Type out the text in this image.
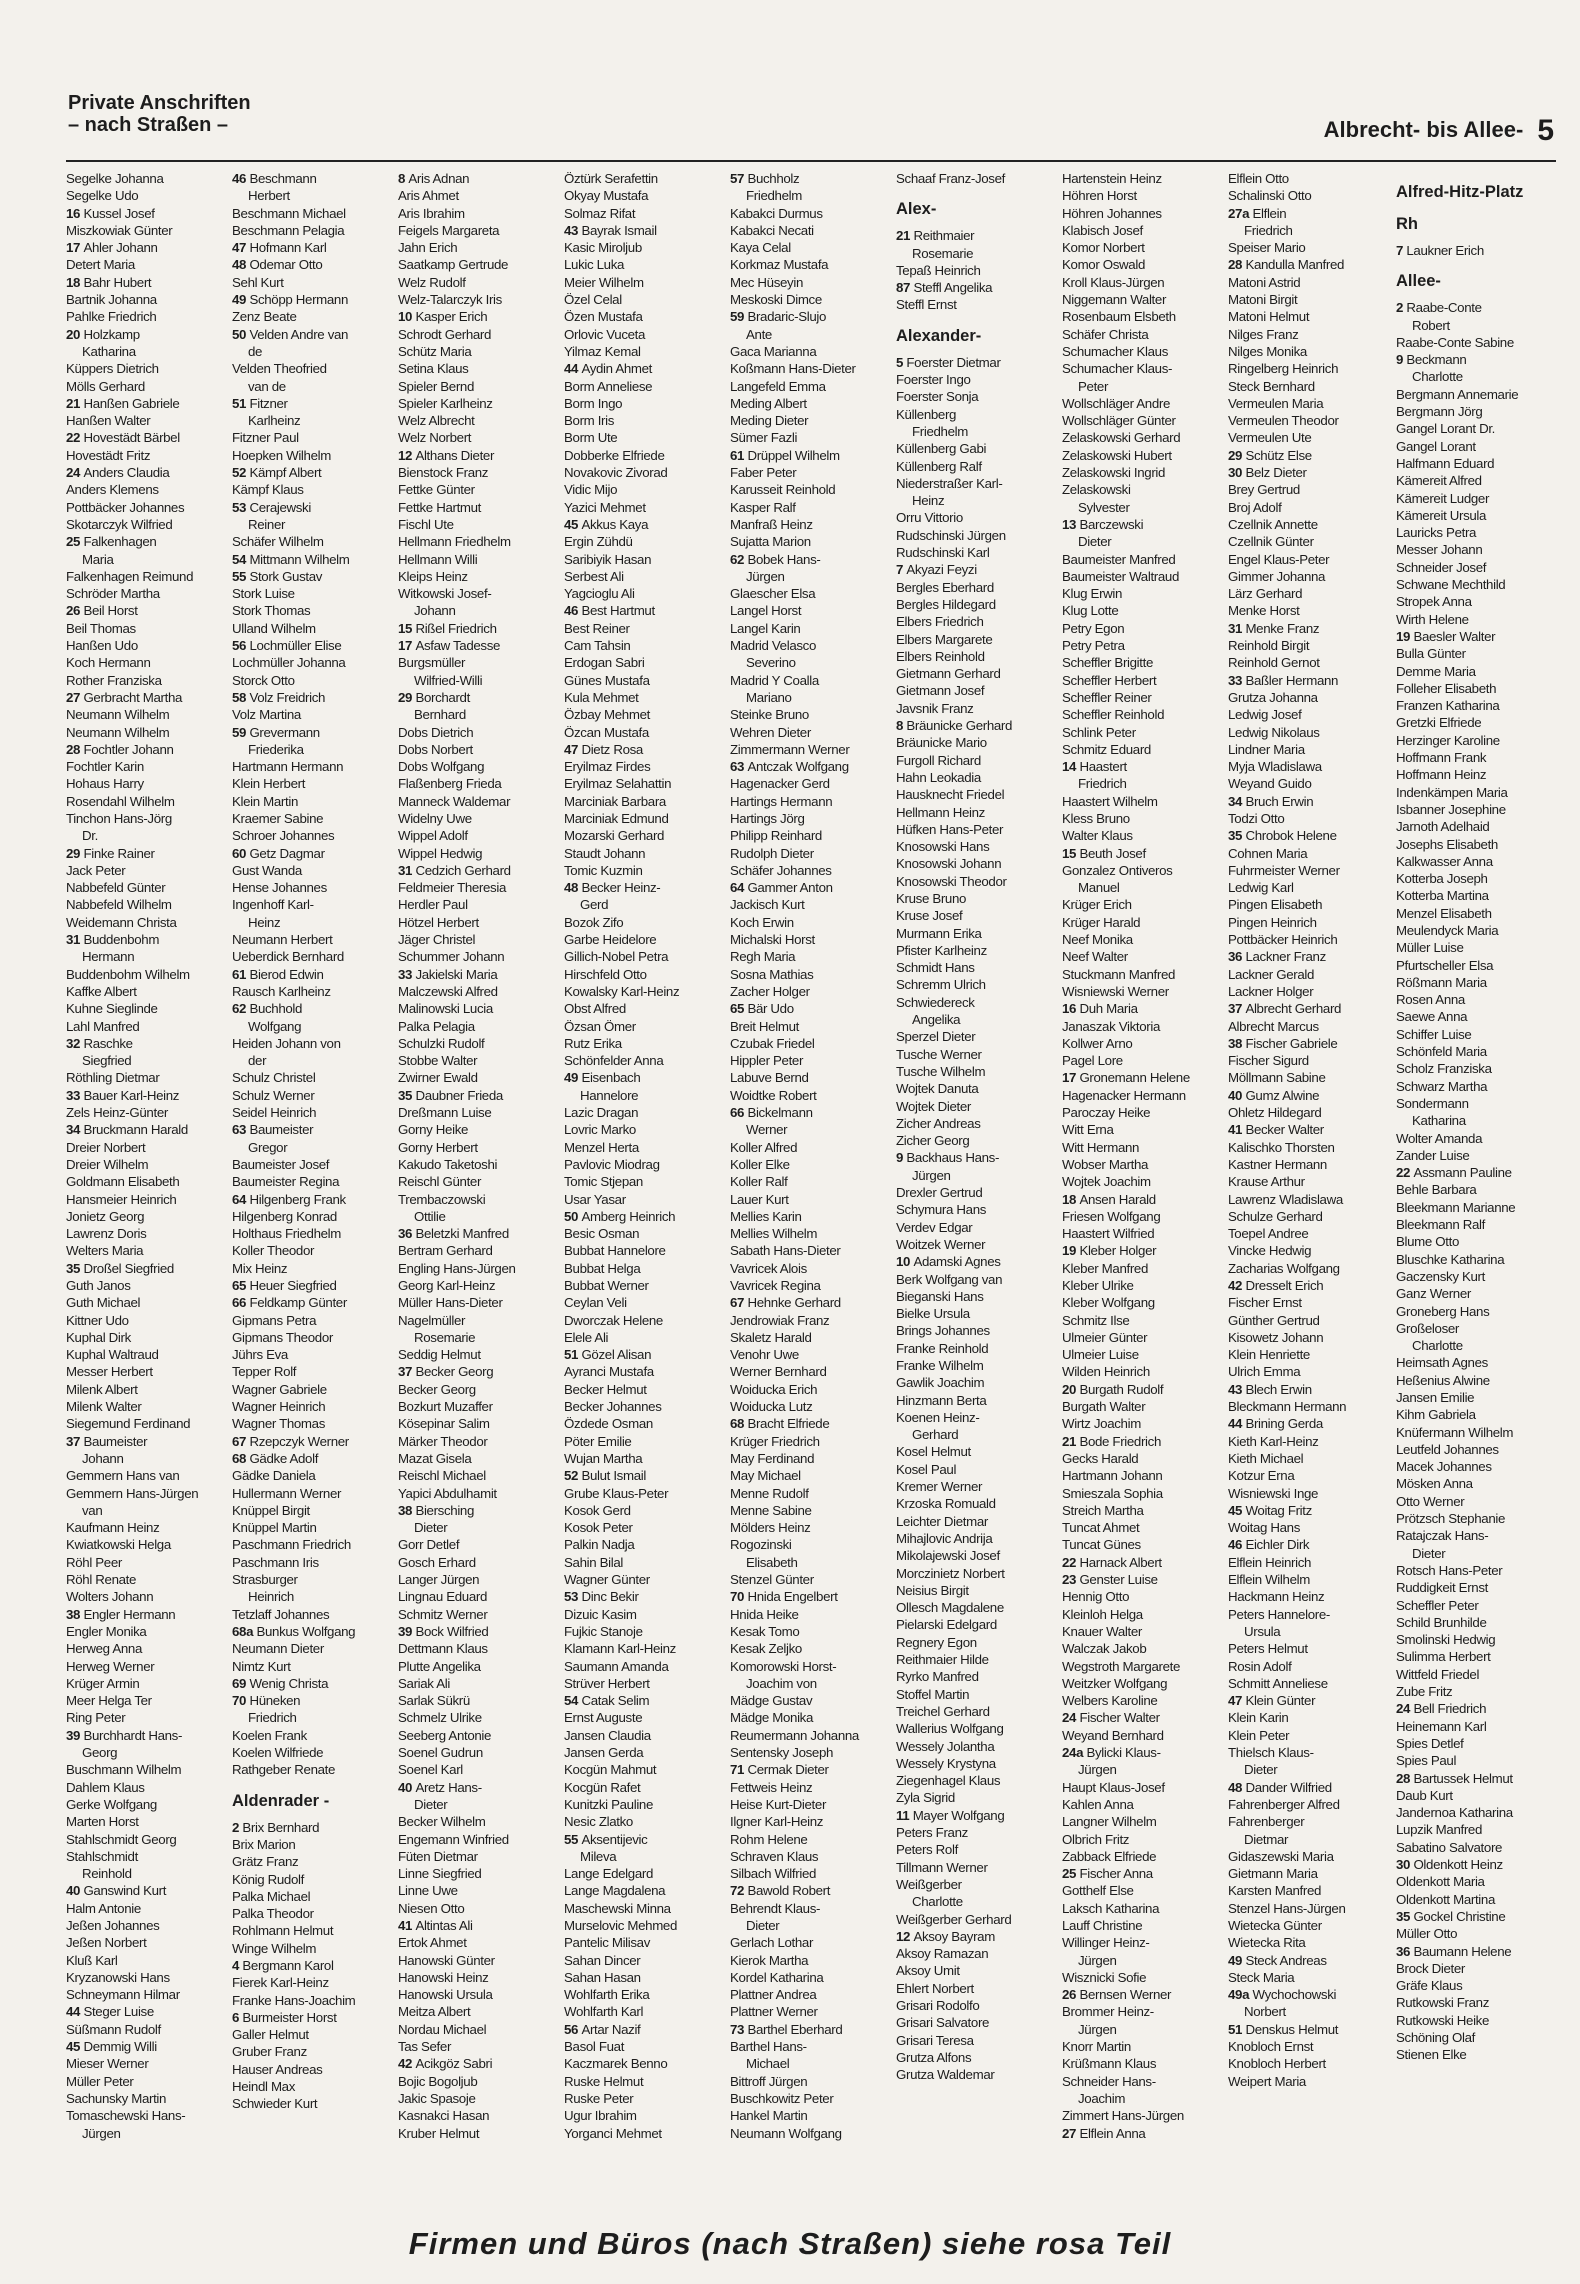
Private Anschriften
– nach Straßen –	Albrecht- bis Allee- 5
Segelke Johanna
Segelke Udo
16 Kussel Josef
Miszkowiak Günter
17 Ahler Johann
Detert Maria
18 Bahr Hubert
Bartnik Johanna
Pahlke Friedrich
20 Holzkamp
Katharina
Küppers Dietrich
Mölls Gerhard
21 Hanßen Gabriele
Hanßen Walter
22 Hovestädt Bärbel
Hovestädt Fritz
24 Anders Claudia
Anders Klemens
Pottbäcker Johannes
Skotarczyk Wilfried
25 Falkenhagen
Maria
Falkenhagen Reimund
Schröder Martha
26 Beil Horst
Beil Thomas
Hanßen Udo
Koch Hermann
Rother Franziska
27 Gerbracht Martha
Neumann Wilhelm
Neumann Wilhelm
28 Fochtler Johann
Fochtler Karin
Hohaus Harry
Rosendahl Wilhelm
Tinchon Hans-Jörg
Dr.
29 Finke Rainer
Jack Peter
Nabbefeld Günter
Nabbefeld Wilhelm
Weidemann Christa
31 Buddenbohm
Hermann
Buddenbohm Wilhelm
Kaffke Albert
Kuhne Sieglinde
Lahl Manfred
32 Raschke
Siegfried
Röthling Dietmar
33 Bauer Karl-Heinz
Zels Heinz-Günter
34 Bruckmann Harald
Dreier Norbert
Dreier Wilhelm
Goldmann Elisabeth
Hansmeier Heinrich
Jonietz Georg
Lawrenz Doris
Welters Maria
35 Droßel Siegfried
Guth Janos
Guth Michael
Kittner Udo
Kuphal Dirk
Kuphal Waltraud
Messer Herbert
Milenk Albert
Milenk Walter
Siegemund Ferdinand
37 Baumeister
Johann
Gemmern Hans van
Gemmern Hans-Jürgen
van
Kaufmann Heinz
Kwiatkowski Helga
Röhl Peer
Röhl Renate
Wolters Johann
38 Engler Hermann
Engler Monika
Herweg Anna
Herweg Werner
Krüger Armin
Meer Helga Ter
Ring Peter
39 Burchhardt Hans-
Georg
Buschmann Wilhelm
Dahlem Klaus
Gerke Wolfgang
Marten Horst
Stahlschmidt Georg
Stahlschmidt
Reinhold
40 Ganswind Kurt
Halm Antonie
Jeßen Johannes
Jeßen Norbert
Kluß Karl
Kryzanowski Hans
Schneymann Hilmar
44 Steger Luise
Süßmann Rudolf
45 Demmig Willi
Mieser Werner
Müller Peter
Sachunsky Martin
Tomaschewski Hans-
Jürgen
46 Beschmann
Herbert
Beschmann Michael
Beschmann Pelagia
47 Hofmann Karl
48 Odemar Otto
Sehl Kurt
49 Schöpp Hermann
Zenz Beate
50 Velden Andre van
de
Velden Theofried
van de
51 Fitzner
Karlheinz
Fitzner Paul
Hoepken Wilhelm
52 Kämpf Albert
Kämpf Klaus
53 Cerajewski
Reiner
Schäfer Wilhelm
54 Mittmann Wilhelm
55 Stork Gustav
Stork Luise
Stork Thomas
Ulland Wilhelm
56 Lochmüller Elise
Lochmüller Johanna
Storck Otto
58 Volz Freidrich
Volz Martina
59 Grevermann
Friederika
Hartmann Hermann
Klein Herbert
Klein Martin
Kraemer Sabine
Schroer Johannes
60 Getz Dagmar
Gust Wanda
Hense Johannes
Ingenhoff Karl-
Heinz
Neumann Herbert
Ueberdick Bernhard
61 Bierod Edwin
Rausch Karlheinz
62 Buchhold
Wolfgang
Heiden Johann von
der
Schulz Christel
Schulz Werner
Seidel Heinrich
63 Baumeister
Gregor
Baumeister Josef
Baumeister Regina
64 Hilgenberg Frank
Hilgenberg Konrad
Holthaus Friedhelm
Koller Theodor
Mix Heinz
65 Heuer Siegfried
66 Feldkamp Günter
Gipmans Petra
Gipmans Theodor
Jührs Eva
Tepper Rolf
Wagner Gabriele
Wagner Heinrich
Wagner Thomas
67 Rzepczyk Werner
68 Gädke Adolf
Gädke Daniela
Hullermann Werner
Knüppel Birgit
Knüppel Martin
Paschmann Friedrich
Paschmann Iris
Strasburger
Heinrich
Tetzlaff Johannes
68a Bunkus Wolfgang
Neumann Dieter
Nimtz Kurt
69 Wenig Christa
70 Hüneken
Friedrich
Koelen Frank
Koelen Wilfriede
Rathgeber Renate
Aldenrader -
2 Brix Bernhard
Brix Marion
Grätz Franz
König Rudolf
Palka Michael
Palka Theodor
Rohlmann Helmut
Winge Wilhelm
4 Bergmann Karol
Fierek Karl-Heinz
Franke Hans-Joachim
6 Burmeister Horst
Galler Helmut
Gruber Franz
Hauser Andreas
Heindl Max
Schwieder Kurt
8 Aris Adnan
Aris Ahmet
Aris Ibrahim
Feigels Margareta
Jahn Erich
Saatkamp Gertrude
Welz Rudolf
Welz-Talarczyk Iris
10 Kasper Erich
Schrodt Gerhard
Schütz Maria
Setina Klaus
Spieler Bernd
Spieler Karlheinz
Welz Albrecht
Welz Norbert
12 Althans Dieter
Bienstock Franz
Fettke Günter
Fettke Hartmut
Fischl Ute
Hellmann Friedhelm
Hellmann Willi
Kleips Heinz
Witkowski Josef-
Johann
15 Rißel Friedrich
17 Asfaw Tadesse
Burgsmüller
Wilfried-Willi
29 Borchardt
Bernhard
Dobs Dietrich
Dobs Norbert
Dobs Wolfgang
Flaßenberg Frieda
Manneck Waldemar
Widelny Uwe
Wippel Adolf
Wippel Hedwig
31 Cedzich Gerhard
Feldmeier Theresia
Herdler Paul
Hötzel Herbert
Jäger Christel
Schummer Johann
33 Jakielski Maria
Malczewski Alfred
Malinowski Lucia
Palka Pelagia
Schulzki Rudolf
Stobbe Walter
Zwirner Ewald
35 Daubner Frieda
Dreßmann Luise
Gorny Heike
Gorny Herbert
Kakudo Taketoshi
Reischl Günter
Trembaczowski
Ottilie
36 Beletzki Manfred
Bertram Gerhard
Engling Hans-Jürgen
Georg Karl-Heinz
Müller Hans-Dieter
Nagelmüller
Rosemarie
Seddig Helmut
37 Becker Georg
Becker Georg
Bozkurt Muzaffer
Kösepinar Salim
Märker Theodor
Mazat Gisela
Reischl Michael
Yapici Abdulhamit
38 Biersching
Dieter
Gorr Detlef
Gosch Erhard
Langer Jürgen
Lingnau Eduard
Schmitz Werner
39 Bock Wilfried
Dettmann Klaus
Plutte Angelika
Sariak Ali
Sarlak Sükrü
Schmelz Ulrike
Seeberg Antonie
Soenel Gudrun
Soenel Karl
40 Aretz Hans-
Dieter
Becker Wilhelm
Engemann Winfried
Füten Dietmar
Linne Siegfried
Linne Uwe
Niesen Otto
41 Altintas Ali
Ertok Ahmet
Hanowski Günter
Hanowski Heinz
Hanowski Ursula
Meitza Albert
Nordau Michael
Tas Sefer
42 Acikgöz Sabri
Bojic Bogoljub
Jakic Spasoje
Kasnakci Hasan
Kruber Helmut
Öztürk Serafettin
Okyay Mustafa
Solmaz Rifat
43 Bayrak Ismail
Kasic Miroljub
Lukic Luka
Meier Wilhelm
Özel Celal
Özen Mustafa
Orlovic Vuceta
Yilmaz Kemal
44 Aydin Ahmet
Borm Anneliese
Borm Ingo
Borm Iris
Borm Ute
Dobberke Elfriede
Novakovic Zivorad
Vidic Mijo
Yazici Mehmet
45 Akkus Kaya
Ergin Zühdü
Saribiyik Hasan
Serbest Ali
Yagcioglu Ali
46 Best Hartmut
Best Reiner
Cam Tahsin
Erdogan Sabri
Günes Mustafa
Kula Mehmet
Özbay Mehmet
Özcan Mustafa
47 Dietz Rosa
Eryilmaz Firdes
Eryilmaz Selahattin
Marciniak Barbara
Marciniak Edmund
Mozarski Gerhard
Staudt Johann
Tomic Kuzmin
48 Becker Heinz-
Gerd
Bozok Zifo
Garbe Heidelore
Gillich-Nobel Petra
Hirschfeld Otto
Kowalsky Karl-Heinz
Obst Alfred
Özsan Ömer
Rutz Erika
Schönfelder Anna
49 Eisenbach
Hannelore
Lazic Dragan
Lovric Marko
Menzel Herta
Pavlovic Miodrag
Tomic Stjepan
Usar Yasar
50 Amberg Heinrich
Besic Osman
Bubbat Hannelore
Bubbat Helga
Bubbat Werner
Ceylan Veli
Dworczak Helene
Elele Ali
51 Gözel Alisan
Ayranci Mustafa
Becker Helmut
Becker Johannes
Özdede Osman
Pöter Emilie
Wujan Martha
52 Bulut Ismail
Grube Klaus-Peter
Kosok Gerd
Kosok Peter
Palkin Nadja
Sahin Bilal
Wagner Günter
53 Dinc Bekir
Dizuic Kasim
Fujkic Stanoje
Klamann Karl-Heinz
Saumann Amanda
Strüver Herbert
54 Catak Selim
Ernst Auguste
Jansen Claudia
Jansen Gerda
Kocgün Mahmut
Kocgün Rafet
Kunitzki Pauline
Nesic Zlatko
55 Aksentijevic
Mileva
Lange Edelgard
Lange Magdalena
Maschewski Minna
Murselovic Mehmed
Pantelic Milisav
Sahan Dincer
Sahan Hasan
Wohlfarth Erika
Wohlfarth Karl
56 Artar Nazif
Basol Fuat
Kaczmarek Benno
Ruske Helmut
Ruske Peter
Ugur Ibrahim
Yorganci Mehmet
57 Buchholz
Friedhelm
Kabakci Durmus
Kabakci Necati
Kaya Celal
Korkmaz Mustafa
Mec Hüseyin
Meskoski Dimce
59 Bradaric-Slujo
Ante
Gaca Marianna
Koßmann Hans-Dieter
Langefeld Emma
Meding Albert
Meding Dieter
Sümer Fazli
61 Drüppel Wilhelm
Faber Peter
Karusseit Reinhold
Kasper Ralf
Manfraß Heinz
Sujatta Marion
62 Bobek Hans-
Jürgen
Glaescher Elsa
Langel Horst
Langel Karin
Madrid Velasco
Severino
Madrid Y Coalla
Mariano
Steinke Bruno
Wehren Dieter
Zimmermann Werner
63 Antczak Wolfgang
Hagenacker Gerd
Hartings Hermann
Hartings Jörg
Philipp Reinhard
Rudolph Dieter
Schäfer Johannes
64 Gammer Anton
Jackisch Kurt
Koch Erwin
Michalski Horst
Regh Maria
Sosna Mathias
Zacher Holger
65 Bär Udo
Breit Helmut
Czubak Friedel
Hippler Peter
Labuve Bernd
Woidtke Robert
66 Bickelmann
Werner
Koller Alfred
Koller Elke
Koller Ralf
Lauer Kurt
Mellies Karin
Mellies Wilhelm
Sabath Hans-Dieter
Vavricek Alois
Vavricek Regina
67 Hehnke Gerhard
Jendrowiak Franz
Skaletz Harald
Venohr Uwe
Werner Bernhard
Woiducka Erich
Woiducka Lutz
68 Bracht Elfriede
Krüger Friedrich
May Ferdinand
May Michael
Menne Rudolf
Menne Sabine
Mölders Heinz
Rogozinski
Elisabeth
Stenzel Günter
70 Hnida Engelbert
Hnida Heike
Kesak Tomo
Kesak Zeljko
Komorowski Horst-
Joachim von
Mädge Gustav
Mädge Monika
Reumermann Johanna
Sentensky Joseph
71 Cermak Dieter
Fettweis Heinz
Heise Kurt-Dieter
Ilgner Karl-Heinz
Rohm Helene
Schraven Klaus
Silbach Wilfried
72 Bawold Robert
Behrendt Klaus-
Dieter
Gerlach Lothar
Kierok Martha
Kordel Katharina
Plattner Andrea
Plattner Werner
73 Barthel Eberhard
Barthel Hans-
Michael
Bittroff Jürgen
Buschkowitz Peter
Hankel Martin
Neumann Wolfgang
Schaaf Franz-Josef
Alex-
21 Reithmaier
Rosemarie
Tepaß Heinrich
87 Steffl Angelika
Steffl Ernst
Alexander-
5 Foerster Dietmar
Foerster Ingo
Foerster Sonja
Küllenberg
Friedhelm
Küllenberg Gabi
Küllenberg Ralf
Niederstraßer Karl-
Heinz
Orru Vittorio
Rudschinski Jürgen
Rudschinski Karl
7 Akyazi Feyzi
Bergles Eberhard
Bergles Hildegard
Elbers Friedrich
Elbers Margarete
Elbers Reinhold
Gietmann Gerhard
Gietmann Josef
Javsnik Franz
8 Bräunicke Gerhard
Bräunicke Mario
Furgoll Richard
Hahn Leokadia
Hausknecht Friedel
Hellmann Heinz
Hüfken Hans-Peter
Knosowski Hans
Knosowski Johann
Knosowski Theodor
Kruse Bruno
Kruse Josef
Murmann Erika
Pfister Karlheinz
Schmidt Hans
Schremm Ulrich
Schwiedereck
Angelika
Sperzel Dieter
Tusche Werner
Tusche Wilhelm
Wojtek Danuta
Wojtek Dieter
Zicher Andreas
Zicher Georg
9 Backhaus Hans-
Jürgen
Drexler Gertrud
Schymura Hans
Verdev Edgar
Woitzek Werner
10 Adamski Agnes
Berk Wolfgang van
Bieganski Hans
Bielke Ursula
Brings Johannes
Franke Reinhold
Franke Wilhelm
Gawlik Joachim
Hinzmann Berta
Koenen Heinz-
Gerhard
Kosel Helmut
Kosel Paul
Kremer Werner
Krzoska Romuald
Leichter Dietmar
Mihajlovic Andrija
Mikolajewski Josef
Morczinietz Norbert
Neisius Birgit
Ollesch Magdalene
Pielarski Edelgard
Regnery Egon
Reithmaier Hilde
Ryrko Manfred
Stoffel Martin
Treichel Gerhard
Wallerius Wolfgang
Wessely Jolantha
Wessely Krystyna
Ziegenhagel Klaus
Zyla Sigrid
11 Mayer Wolfgang
Peters Franz
Peters Rolf
Tillmann Werner
Weißgerber
Charlotte
Weißgerber Gerhard
12 Aksoy Bayram
Aksoy Ramazan
Aksoy Umit
Ehlert Norbert
Grisari Rodolfo
Grisari Salvatore
Grisari Teresa
Grutza Alfons
Grutza Waldemar
Hartenstein Heinz
Höhren Horst
Höhren Johannes
Klabisch Josef
Komor Norbert
Komor Oswald
Kroll Klaus-Jürgen
Niggemann Walter
Rosenbaum Elsbeth
Schäfer Christa
Schumacher Klaus
Schumacher Klaus-
Peter
Wollschläger Andre
Wollschläger Günter
Zelaskowski Gerhard
Zelaskowski Hubert
Zelaskowski Ingrid
Zelaskowski
Sylvester
13 Barczewski
Dieter
Baumeister Manfred
Baumeister Waltraud
Klug Erwin
Klug Lotte
Petry Egon
Petry Petra
Scheffler Brigitte
Scheffler Herbert
Scheffler Reiner
Scheffler Reinhold
Schlink Peter
Schmitz Eduard
14 Haastert
Friedrich
Haastert Wilhelm
Kless Bruno
Walter Klaus
15 Beuth Josef
Gonzalez Ontiveros
Manuel
Krüger Erich
Krüger Harald
Neef Monika
Neef Walter
Stuckmann Manfred
Wisniewski Werner
16 Duh Maria
Janaszak Viktoria
Kollwer Arno
Pagel Lore
17 Gronemann Helene
Hagenacker Hermann
Paroczay Heike
Witt Erna
Witt Hermann
Wobser Martha
Wojtek Joachim
18 Ansen Harald
Friesen Wolfgang
Haastert Wilfried
19 Kleber Holger
Kleber Manfred
Kleber Ulrike
Kleber Wolfgang
Schmitz Ilse
Ulmeier Günter
Ulmeier Luise
Wilden Heinrich
20 Burgath Rudolf
Burgath Walter
Wirtz Joachim
21 Bode Friedrich
Gecks Harald
Hartmann Johann
Smieszala Sophia
Streich Martha
Tuncat Ahmet
Tuncat Günes
22 Harnack Albert
23 Genster Luise
Hennig Otto
Kleinloh Helga
Knauer Walter
Walczak Jakob
Wegstroth Margarete
Weitzker Wolfgang
Welbers Karoline
24 Fischer Walter
Weyand Bernhard
24a Bylicki Klaus-
Jürgen
Haupt Klaus-Josef
Kahlen Anna
Langner Wilhelm
Olbrich Fritz
Zabback Elfriede
25 Fischer Anna
Gotthelf Else
Laksch Katharina
Lauff Christine
Willinger Heinz-
Jürgen
Wisznicki Sofie
26 Bernsen Werner
Brommer Heinz-
Jürgen
Knorr Martin
Krüßmann Klaus
Schneider Hans-
Joachim
Zimmert Hans-Jürgen
27 Elflein Anna
Elflein Otto
Schalinski Otto
27a Elflein
Friedrich
Speiser Mario
28 Kandulla Manfred
Matoni Astrid
Matoni Birgit
Matoni Helmut
Nilges Franz
Nilges Monika
Ringelberg Heinrich
Steck Bernhard
Vermeulen Maria
Vermeulen Theodor
Vermeulen Ute
29 Schütz Else
30 Belz Dieter
Brey Gertrud
Broj Adolf
Czellnik Annette
Czellnik Günter
Engel Klaus-Peter
Gimmer Johanna
Lärz Gerhard
Menke Horst
31 Menke Franz
Reinhold Birgit
Reinhold Gernot
33 Baßler Hermann
Grutza Johanna
Ledwig Josef
Ledwig Nikolaus
Lindner Maria
Myja Wladislawa
Weyand Guido
34 Bruch Erwin
Todzi Otto
35 Chrobok Helene
Cohnen Maria
Fuhrmeister Werner
Ledwig Karl
Pingen Elisabeth
Pingen Heinrich
Pottbäcker Heinrich
36 Lackner Franz
Lackner Gerald
Lackner Holger
37 Albrecht Gerhard
Albrecht Marcus
38 Fischer Gabriele
Fischer Sigurd
Möllmann Sabine
40 Gumz Alwine
Ohletz Hildegard
41 Becker Walter
Kalischko Thorsten
Kastner Hermann
Krause Arthur
Lawrenz Wladislawa
Schulze Gerhard
Toepel Andree
Vincke Hedwig
Zacharias Wolfgang
42 Dresselt Erich
Fischer Ernst
Günther Gertrud
Kisowetz Johann
Klein Henriette
Ulrich Emma
43 Blech Erwin
Bleckmann Hermann
44 Brining Gerda
Kieth Karl-Heinz
Kieth Michael
Kotzur Erna
Wisniewski Inge
45 Woitag Fritz
Woitag Hans
46 Eichler Dirk
Elflein Heinrich
Elflein Wilhelm
Hackmann Heinz
Peters Hannelore-
Ursula
Peters Helmut
Rosin Adolf
Schmitt Anneliese
47 Klein Günter
Klein Karin
Klein Peter
Thielsch Klaus-
Dieter
48 Dander Wilfried
Fahrenberger Alfred
Fahrenberger
Dietmar
Gidaszewski Maria
Gietmann Maria
Karsten Manfred
Stenzel Hans-Jürgen
Wietecka Günter
Wietecka Rita
49 Steck Andreas
Steck Maria
49a Wychochowski
Norbert
51 Denskus Helmut
Knobloch Ernst
Knobloch Herbert
Weipert Maria
Alfred-Hitz-Platz
Rh
7 Laukner Erich
Allee-
2 Raabe-Conte
Robert
Raabe-Conte Sabine
9 Beckmann
Charlotte
Bergmann Annemarie
Bergmann Jörg
Gangel Lorant Dr.
Gangel Lorant
Halfmann Eduard
Kämereit Alfred
Kämereit Ludger
Kämereit Ursula
Lauricks Petra
Messer Johann
Schneider Josef
Schwane Mechthild
Stropek Anna
Wirth Helene
19 Baesler Walter
Bulla Günter
Demme Maria
Folleher Elisabeth
Franzen Katharina
Gretzki Elfriede
Herzinger Karoline
Hoffmann Frank
Hoffmann Heinz
Indenkämpen Maria
Isbanner Josephine
Jarnoth Adelhaid
Josephs Elisabeth
Kalkwasser Anna
Kotterba Joseph
Kotterba Martina
Menzel Elisabeth
Meulendyck Maria
Müller Luise
Pfurtscheller Elsa
Rößmann Maria
Rosen Anna
Saewe Anna
Schiffer Luise
Schönfeld Maria
Scholz Franziska
Schwarz Martha
Sondermann
Katharina
Wolter Amanda
Zander Luise
22 Assmann Pauline
Behle Barbara
Bleekmann Marianne
Bleekmann Ralf
Blume Otto
Bluschke Katharina
Gaczensky Kurt
Ganz Werner
Groneberg Hans
Großeloser
Charlotte
Heimsath Agnes
Heßenius Alwine
Jansen Emilie
Kihm Gabriela
Knüfermann Wilhelm
Leutfeld Johannes
Macek Johannes
Mösken Anna
Otto Werner
Prötzsch Stephanie
Ratajczak Hans-
Dieter
Rotsch Hans-Peter
Ruddigkeit Ernst
Scheffler Peter
Schild Brunhilde
Smolinski Hedwig
Sulimma Herbert
Wittfeld Friedel
Zube Fritz
24 Bell Friedrich
Heinemann Karl
Spies Detlef
Spies Paul
28 Bartussek Helmut
Daub Kurt
Jandernoa Katharina
Lupzik Manfred
Sabatino Salvatore
30 Oldenkott Heinz
Oldenkott Maria
Oldenkott Martina
35 Gockel Christine
Müller Otto
36 Baumann Helene
Brock Dieter
Gräfe Klaus
Rutkowski Franz
Rutkowski Heike
Schöning Olaf
Stienen Elke
Firmen und Büros (nach Straßen) siehe rosa Teil
